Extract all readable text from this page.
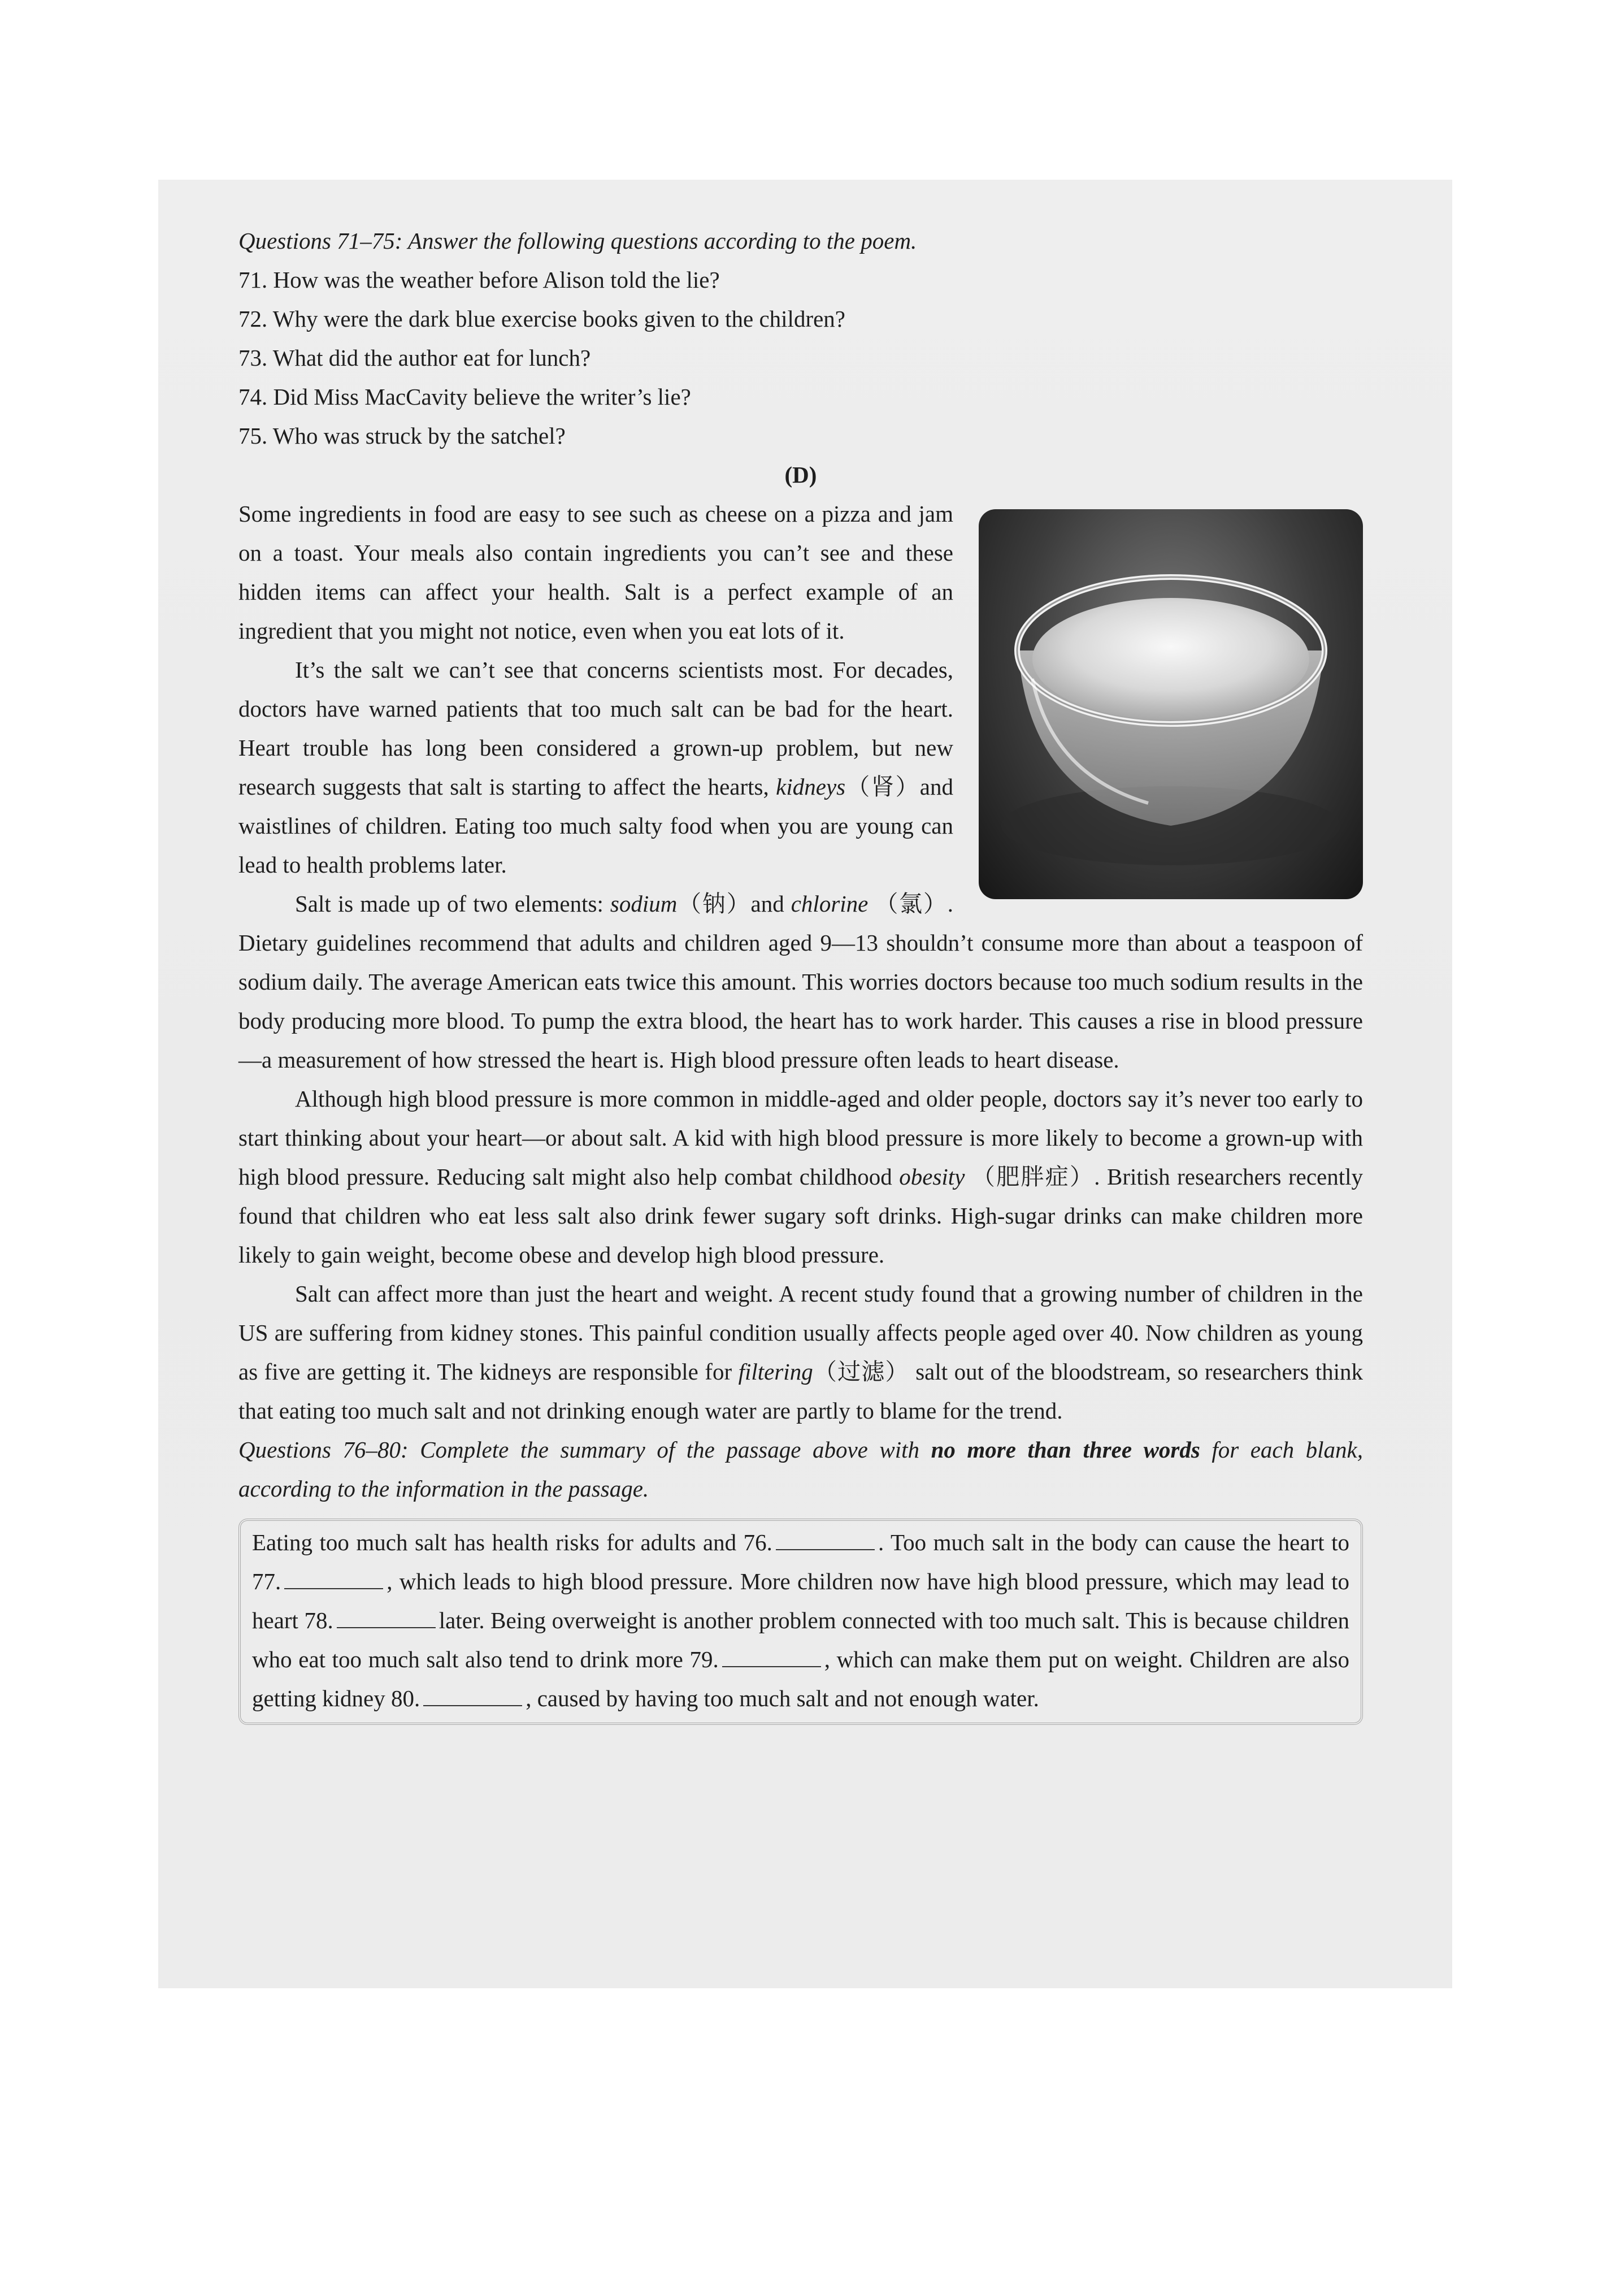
Questions 71–75: Answer the following questions according to the poem.

71. How was the weather before Alison told the lie?

72. Why were the dark blue exercise books given to the children?

73. What did the author eat for lunch?

74. Did Miss MacCavity believe the writer’s lie?

75. Who was struck by the satchel?

(D)

Some ingredients in food are easy to see such as cheese on a pizza and jam on a toast. Your meals also contain ingredients you can’t see and these hidden items can affect your health. Salt is a perfect example of an ingredient that you might not notice, even when you eat lots of it.

It’s the salt we can’t see that concerns scientists most. For decades, doctors have warned patients that too much salt can be bad for the heart. Heart trouble has long been considered a grown-up problem, but new research suggests that salt is starting to affect the hearts, kidneys（肾）and waistlines of children. Eating too much salty food when you are young can lead to health problems later.

Salt is made up of two elements: sodium（钠）and chlorine （氯）. Dietary guidelines recommend that adults and children aged 9—13 shouldn’t consume more than about a teaspoon of sodium daily. The average American eats twice this amount. This worries doctors because too much sodium results in the body producing more blood. To pump the extra blood, the heart has to work harder. This causes a rise in blood pressure—a measurement of how stressed the heart is. High blood pressure often leads to heart disease.

Although high blood pressure is more common in middle-aged and older people, doctors say it’s never too early to start thinking about your heart—or about salt. A kid with high blood pressure is more likely to become a grown-up with high blood pressure. Reducing salt might also help combat childhood obesity （肥胖症）. British researchers recently found that children who eat less salt also drink fewer sugary soft drinks. High-sugar drinks can make children more likely to gain weight, become obese and develop high blood pressure.

Salt can affect more than just the heart and weight. A recent study found that a growing number of children in the US are suffering from kidney stones. This painful condition usually affects people aged over 40. Now children as young as five are getting it. The kidneys are responsible for filtering（过滤） salt out of the bloodstream, so researchers think that eating too much salt and not drinking enough water are partly to blame for the trend.

Questions 76–80: Complete the summary of the passage above with no more than three words for each blank, according to the information in the passage.

Eating too much salt has health risks for adults and 76.	. Too much salt in the body can cause the heart to 77.	, which leads to high blood pressure. More children now have high blood pressure, which may lead to heart 78.	later. Being overweight is another problem connected with too much salt. This is because children who eat too much salt also tend to drink more 79.	, which can make them put on weight. Children are also getting kidney 80.	, caused by having too much salt and not enough water.
